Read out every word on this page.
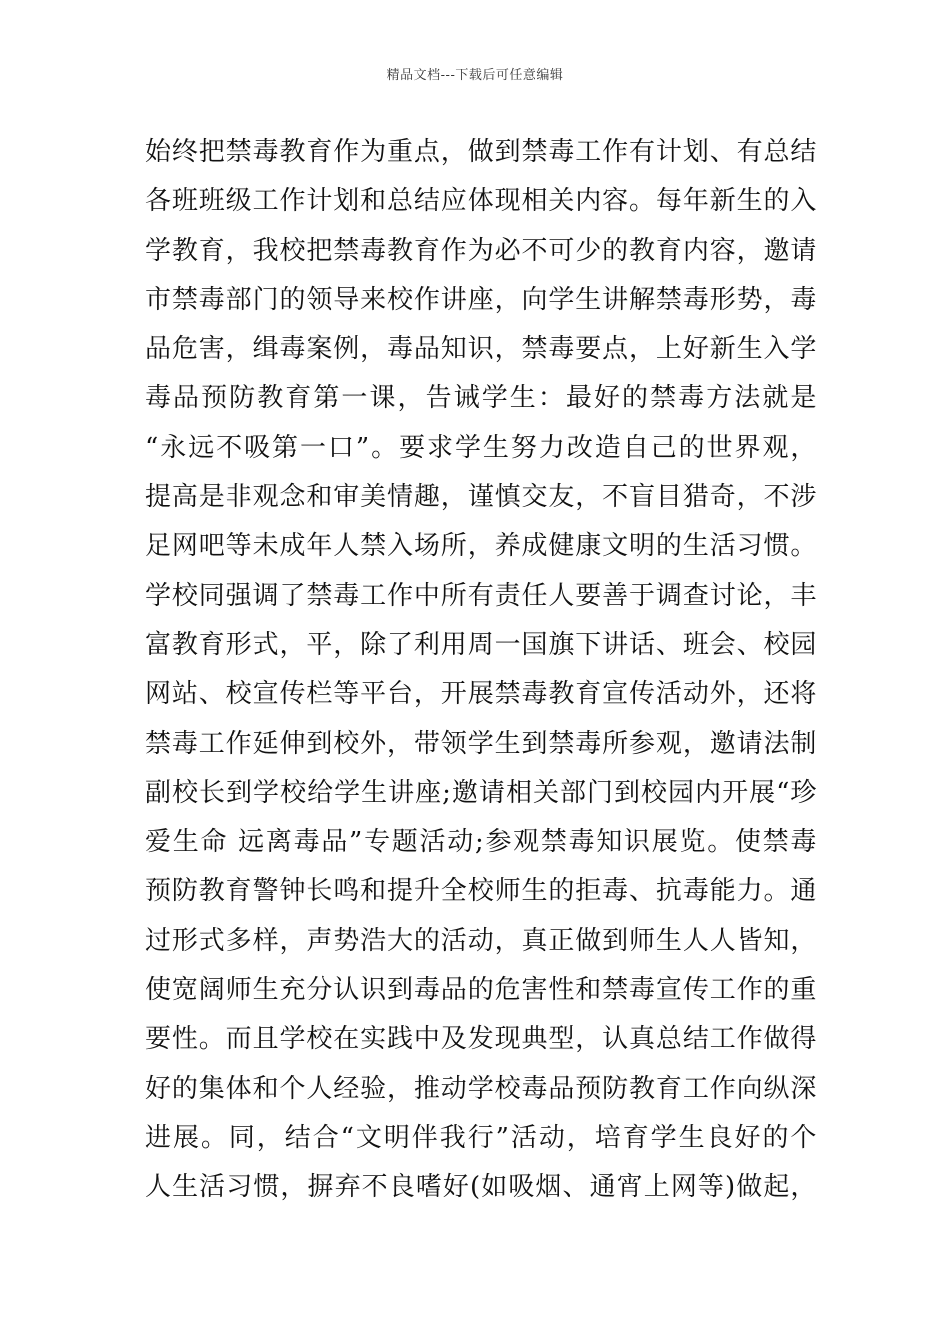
精品文档---下载后可任意编辑
始终把禁毒教育作为重点，做到禁毒工作有计划、有总结
各班班级工作计划和总结应体现相关内容。每年新生的入
学教育，我校把禁毒教育作为必不可少的教育内容，邀请
市禁毒部门的领导来校作讲座，向学生讲解禁毒形势，毒
品危害，缉毒案例，毒品知识，禁毒要点，上好新生入学
毒品预防教育第一课，告诫学生：最好的禁毒方法就是
“永远不吸第一口”。要求学生努力改造自己的世界观，
提高是非观念和审美情趣，谨慎交友，不盲目猎奇，不涉
足网吧等未成年人禁入场所，养成健康文明的生活习惯。
学校同强调了禁毒工作中所有责任人要善于调查讨论，丰
富教育形式，平，除了利用周一国旗下讲话、班会、校园
网站、校宣传栏等平台，开展禁毒教育宣传活动外，还将
禁毒工作延伸到校外，带领学生到禁毒所参观，邀请法制
副校长到学校给学生讲座;邀请相关部门到校园内开展“珍
爱生命 远离毒品”专题活动;参观禁毒知识展览。使禁毒
预防教育警钟长鸣和提升全校师生的拒毒、抗毒能力。通
过形式多样，声势浩大的活动，真正做到师生人人皆知，
使宽阔师生充分认识到毒品的危害性和禁毒宣传工作的重
要性。而且学校在实践中及发现典型，认真总结工作做得
好的集体和个人经验，推动学校毒品预防教育工作向纵深
进展。同，结合“文明伴我行”活动，培育学生良好的个
人生活习惯，摒弃不良嗜好(如吸烟、通宵上网等)做起，
